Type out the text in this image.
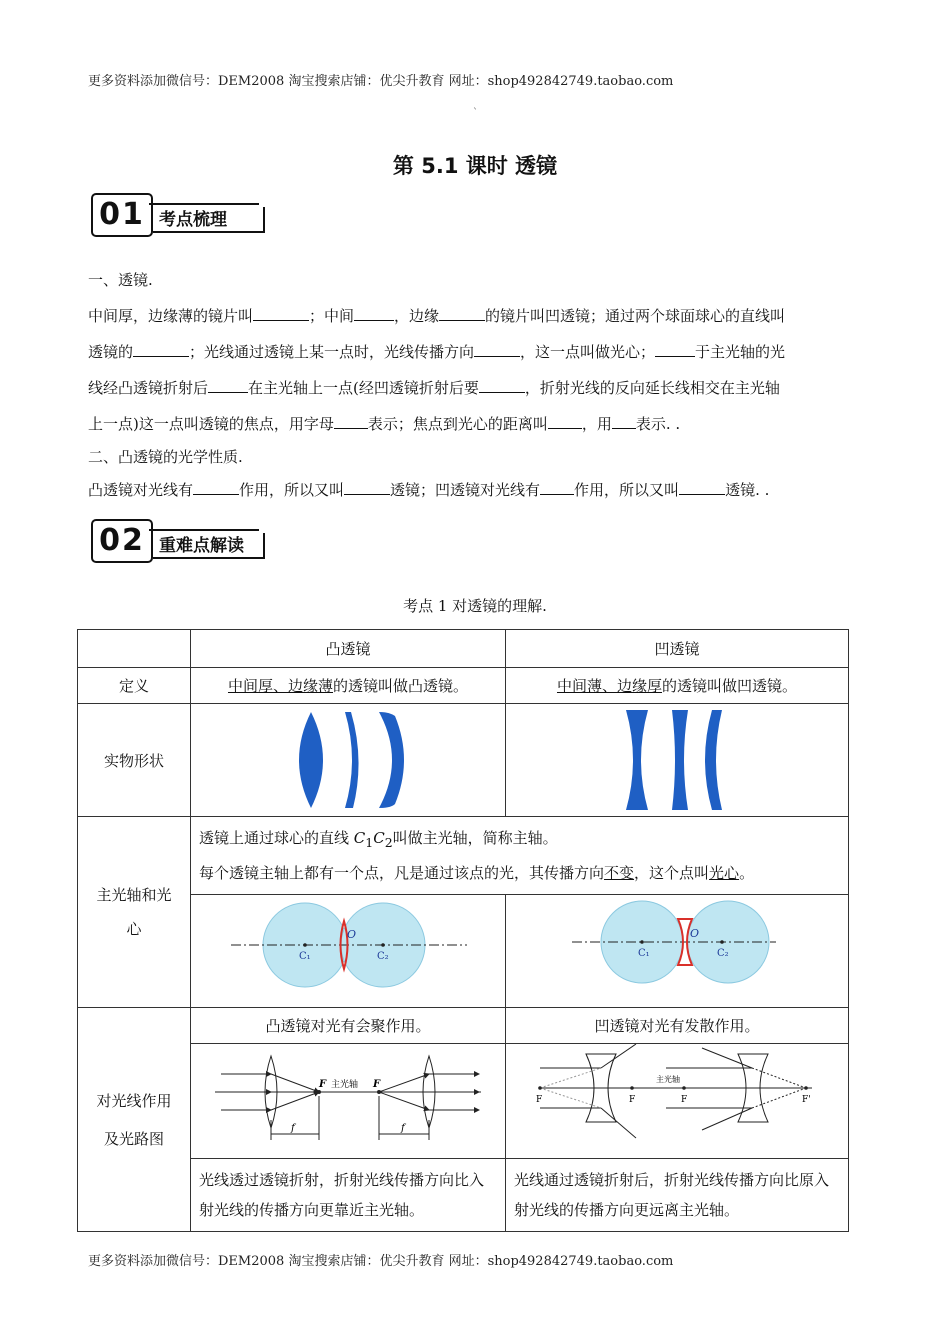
更多资料添加微信号：DEM2008 淘宝搜索店铺：优尖升教育 网址：shop492842749.taobao.com
`
第 5.1 课时 透镜
01 考点梳理
一、透镜.
中间厚，边缘薄的镜片叫	；中间	，边缘	的镜片叫凹透镜；通过两个球面球心的直线叫
透镜的	；光线通过透镜上某一点时，光线传播方向	，这一点叫做光心；	于主光轴的光
线经凸透镜折射后	在主光轴上一点(经凹透镜折射后要	，折射光线的反向延长线相交在主光轴
上一点)这一点叫透镜的焦点，用字母 表示；焦点到光心的距离叫 ，用 表示. .
二、凸透镜的光学性质.
凸透镜对光线有	作用，所以又叫	透镜；凹透镜对光线有 作用，所以又叫	透镜. .
02 重难点解读
考点 1 对透镜的理解.
	凸透镜	凹透镜
定义	中间厚、边缘薄的透镜叫做凸透镜。	中间薄、边缘厚的透镜叫做凹透镜。
实物形状	

主光轴和光心	透镜上通过球心的直线 $C_1C_2$叫做主光轴，简称主轴。
每个透镜主轴上都有一个点，凡是通过该点的光，其传播方向不变，这个点叫光心。	

O
C₁ C₂	O
C₁ C₂

对光线作用及光路图	凸透镜对光有会聚作用。	凹透镜对光有发散作用。

F F
主光轴
f f	F F F F'
主光轴

	光线透过透镜折射，折射光线传播方向比入射光线的传播方向更靠近主光轴。	光线通过透镜折射后，折射光线传播方向比原入射光线的传播方向更远离主光轴。
更多资料添加微信号：DEM2008 淘宝搜索店铺：优尖升教育 网址：shop492842749.taobao.com
